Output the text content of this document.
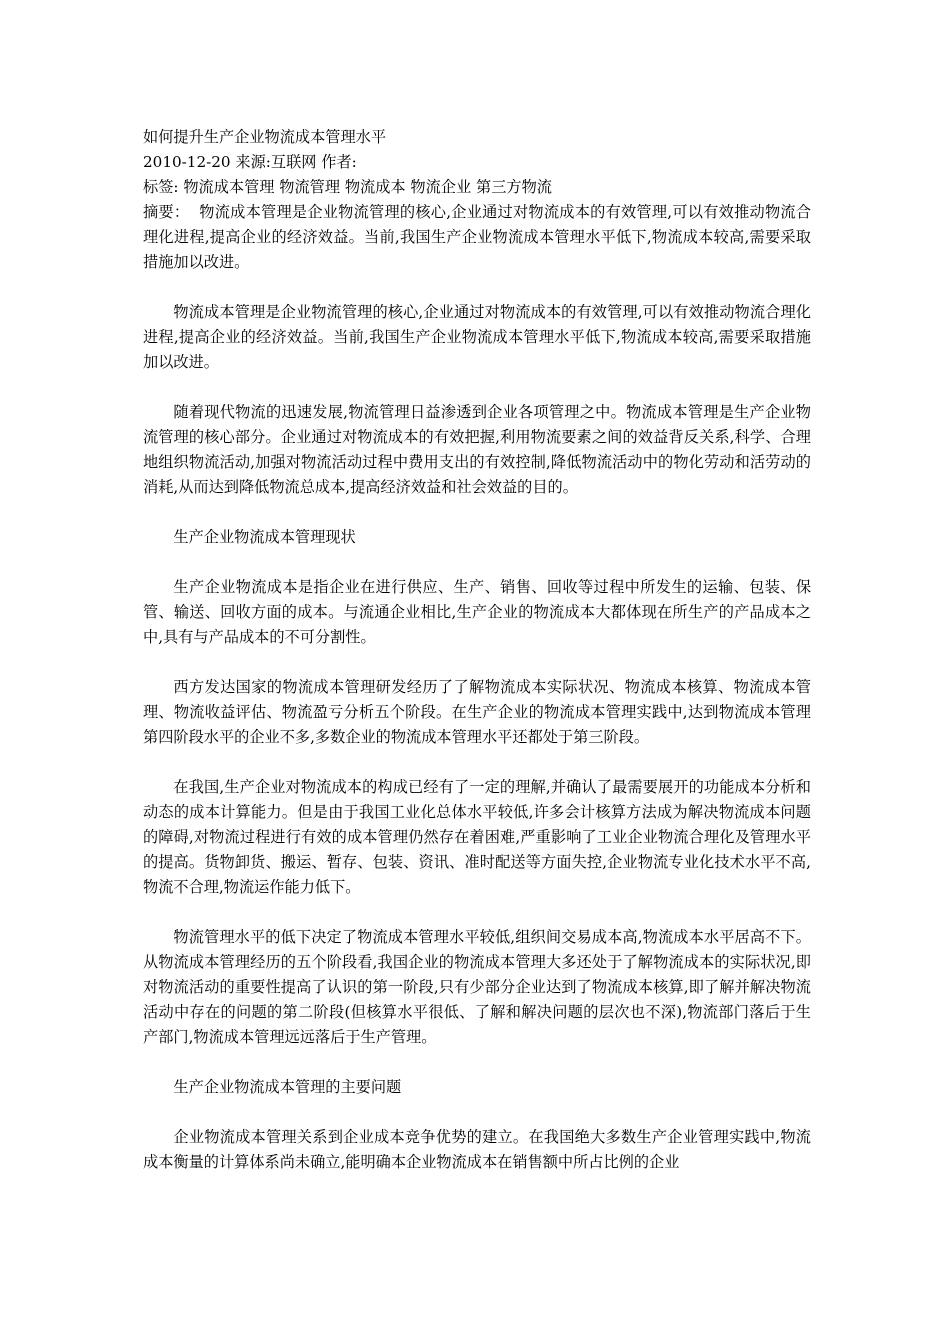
如何提升生产企业物流成本管理水平

2010-12-20 来源:互联网 作者:

标签: 物流成本管理 物流管理 物流成本 物流企业 第三方物流

摘要： 物流成本管理是企业物流管理的核心,企业通过对物流成本的有效管理,可以有效推动物流合理化进程,提高企业的经济效益。当前,我国生产企业物流成本管理水平低下,物流成本较高,需要采取措施加以改进。

物流成本管理是企业物流管理的核心,企业通过对物流成本的有效管理,可以有效推动物流合理化进程,提高企业的经济效益。当前,我国生产企业物流成本管理水平低下,物流成本较高,需要采取措施加以改进。

随着现代物流的迅速发展,物流管理日益渗透到企业各项管理之中。物流成本管理是生产企业物流管理的核心部分。企业通过对物流成本的有效把握,利用物流要素之间的效益背反关系,科学、合理地组织物流活动,加强对物流活动过程中费用支出的有效控制,降低物流活动中的物化劳动和活劳动的消耗,从而达到降低物流总成本,提高经济效益和社会效益的目的。

生产企业物流成本管理现状

生产企业物流成本是指企业在进行供应、生产、销售、回收等过程中所发生的运输、包装、保管、输送、回收方面的成本。与流通企业相比,生产企业的物流成本大都体现在所生产的产品成本之中,具有与产品成本的不可分割性。

西方发达国家的物流成本管理研发经历了了解物流成本实际状况、物流成本核算、物流成本管理、物流收益评估、物流盈亏分析五个阶段。在生产企业的物流成本管理实践中,达到物流成本管理第四阶段水平的企业不多,多数企业的物流成本管理水平还都处于第三阶段。

在我国,生产企业对物流成本的构成已经有了一定的理解,并确认了最需要展开的功能成本分析和动态的成本计算能力。但是由于我国工业化总体水平较低,许多会计核算方法成为解决物流成本问题的障碍,对物流过程进行有效的成本管理仍然存在着困难,严重影响了工业企业物流合理化及管理水平的提高。货物卸货、搬运、暂存、包装、资讯、准时配送等方面失控,企业物流专业化技术水平不高,物流不合理,物流运作能力低下。

物流管理水平的低下决定了物流成本管理水平较低,组织间交易成本高,物流成本水平居高不下。从物流成本管理经历的五个阶段看,我国企业的物流成本管理大多还处于了解物流成本的实际状况,即对物流活动的重要性提高了认识的第一阶段,只有少部分企业达到了物流成本核算,即了解并解决物流活动中存在的问题的第二阶段(但核算水平很低、了解和解决问题的层次也不深),物流部门落后于生产部门,物流成本管理远远落后于生产管理。

生产企业物流成本管理的主要问题

企业物流成本管理关系到企业成本竞争优势的建立。在我国绝大多数生产企业管理实践中,物流成本衡量的计算体系尚未确立,能明确本企业物流成本在销售额中所占比例的企业
